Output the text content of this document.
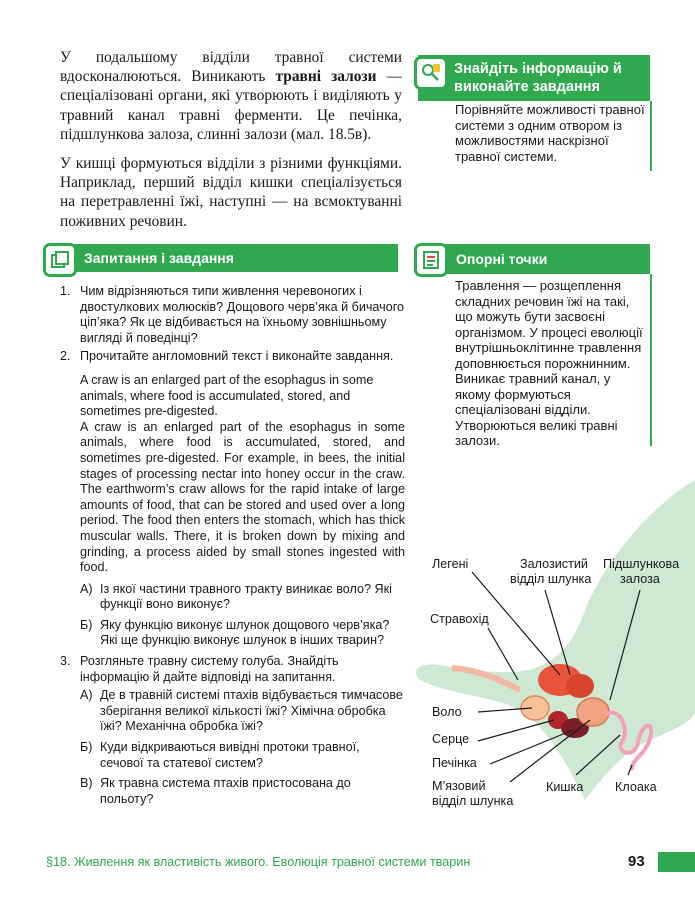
У подальшому відділи травної системи вдосконалюються. Виникають травні залози — спеціалізовані органи, які утворюють і виділяють у травний канал травні ферменти. Це печінка, підшлункова залоза, слинні залози (мал. 18.5в).

У кишці формуються відділи з різними функціями. Наприклад, перший відділ кишки спеціалізується на перетравленні їжі, наступні — на всмоктуванні поживних речовин.

Знайдіть інформацію й виконайте завдання
Порівняйте можливості травної системи з одним отвором із можливостями наскрізної травної системи.
Запитання і завдання
1. Чим відрізняються типи живлення черевоногих і двостулкових молюсків? Дощового черв’яка й бичачого ціп’яка? Як це відбивається на їхньому зовнішньому вигляді й поведінці?
2. Прочитайте англомовний текст і виконайте завдання.

A craw is an enlarged part of the esophagus in some animals, where food is accumulated, stored, and sometimes pre-digested.

A craw is an enlarged part of the esophagus in some animals, where food is accumulated, stored, and sometimes pre-digested. For example, in bees, the initial stages of processing nectar into honey occur in the craw. The earthworm’s craw allows for the rapid intake of large amounts of food, that can be stored and used over a long period. The food then enters the stomach, which has thick muscular walls. There, it is broken down by mixing and grinding, a process aided by small stones ingested with food.

А) Із якої частини травного тракту виникає воло? Які функції воно виконує?
Б) Яку функцію виконує шлунок дощового черв’яка? Які ще функцію виконує шлунок в інших тварин?
3. Розгляньте травну систему голуба. Знайдіть інформацію й дайте відповіді на запитання.
А) Де в травній системі птахів відбувається тимчасове зберігання великої кількості їжі? Хімічна обробка їжі? Механічна обробка їжі?
Б) Куди відкриваються вивідні протоки травної, сечової та статевої систем?
В) Як травна система птахів пристосована до польоту?
Опорні точки
Травлення — розщеплення складних речовин їжі на такі, що можуть бути засвоєні організмом. У процесі еволюції внутрішньоклітинне травлення доповнюється порожнинним. Виникає травний канал, у якому формуються спеціалізовані відділи. Утворюються великі травні залози.
Легені	Залозистий
відділ шлунка
Підшлункова
залоза
Стравохід
Воло
Серце
Печінка
М’язовий
відділ шлунка
Кишка	Клоака
§18. Живлення як властивість живого. Еволюція травної системи тварин	93
